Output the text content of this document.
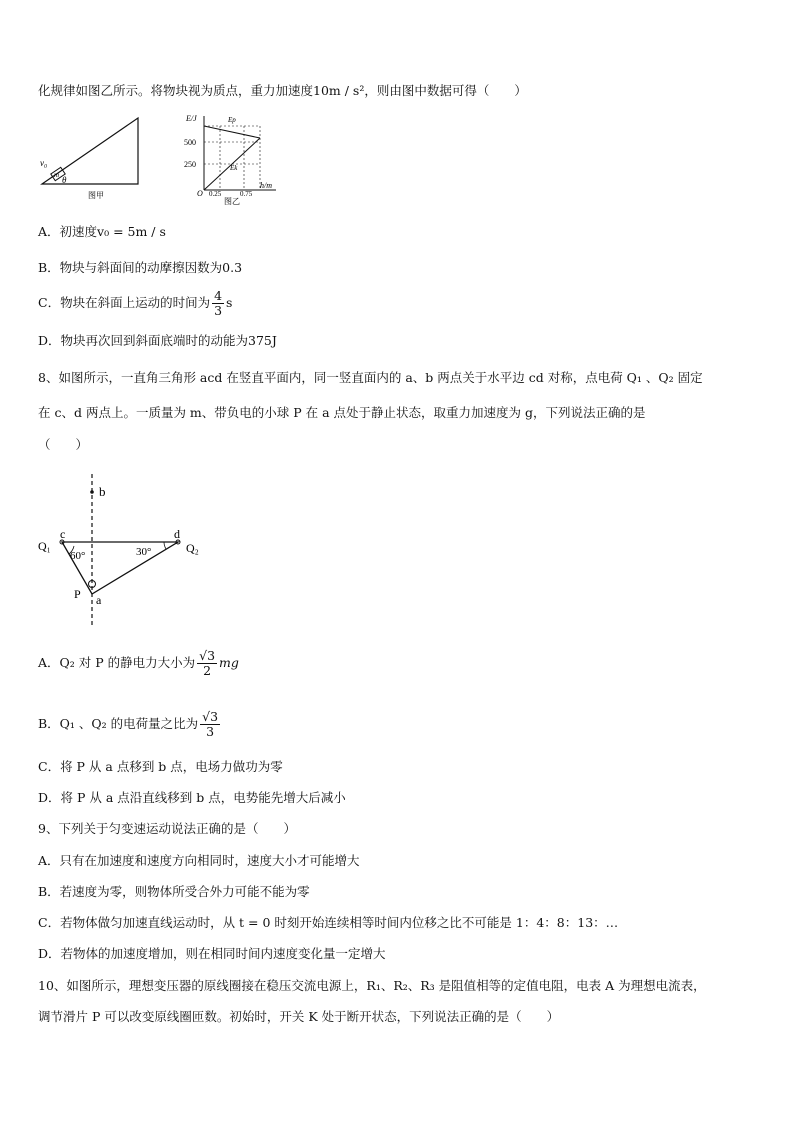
化规律如图乙所示。将物块视为质点，重力加速度10m / s²，则由图中数据可得（　　）
v₀
m θ
图甲
E/J
h/m
500
250
O 0.25	0.75
Ep
Ek
图乙
A．初速度v₀ = 5m / s
B．物块与斜面间的动摩擦因数为0.3
C．物块在斜面上运动的时间为 $\frac{4}{3}$ s
D．物块再次回到斜面底端时的动能为375J
8、如图所示，一直角三角形 acd 在竖直平面内，同一竖直面内的 a、b 两点关于水平边 cd 对称，点电荷 Q₁ 、Q₂ 固定
在 c、d 两点上。一质量为 m、带负电的小球 P 在 a 点处于静止状态，取重力加速度为 g，下列说法正确的是
（　　）
b
c	d
Q₁	Q₂
60°	30°
P a
A．Q₂ 对 P 的静电力大小为 $\frac{√3}{2}$ mg
B．Q₁ 、Q₂ 的电荷量之比为 $\frac{√3}{3}$
C．将 P 从 a 点移到 b 点，电场力做功为零
D．将 P 从 a 点沿直线移到 b 点，电势能先增大后减小
9、下列关于匀变速运动说法正确的是（　　）
A．只有在加速度和速度方向相同时，速度大小才可能增大
B．若速度为零，则物体所受合外力可能不能为零
C．若物体做匀加速直线运动时，从 t = 0 时刻开始连续相等时间内位移之比不可能是 1：4：8：13：…
D．若物体的加速度增加，则在相同时间内速度变化量一定增大
10、如图所示，理想变压器的原线圈接在稳压交流电源上，R₁、R₂、R₃ 是阻值相等的定值电阻，电表 A 为理想电流表，
调节滑片 P 可以改变原线圈匝数。初始时，开关 K 处于断开状态，下列说法正确的是（　　）
